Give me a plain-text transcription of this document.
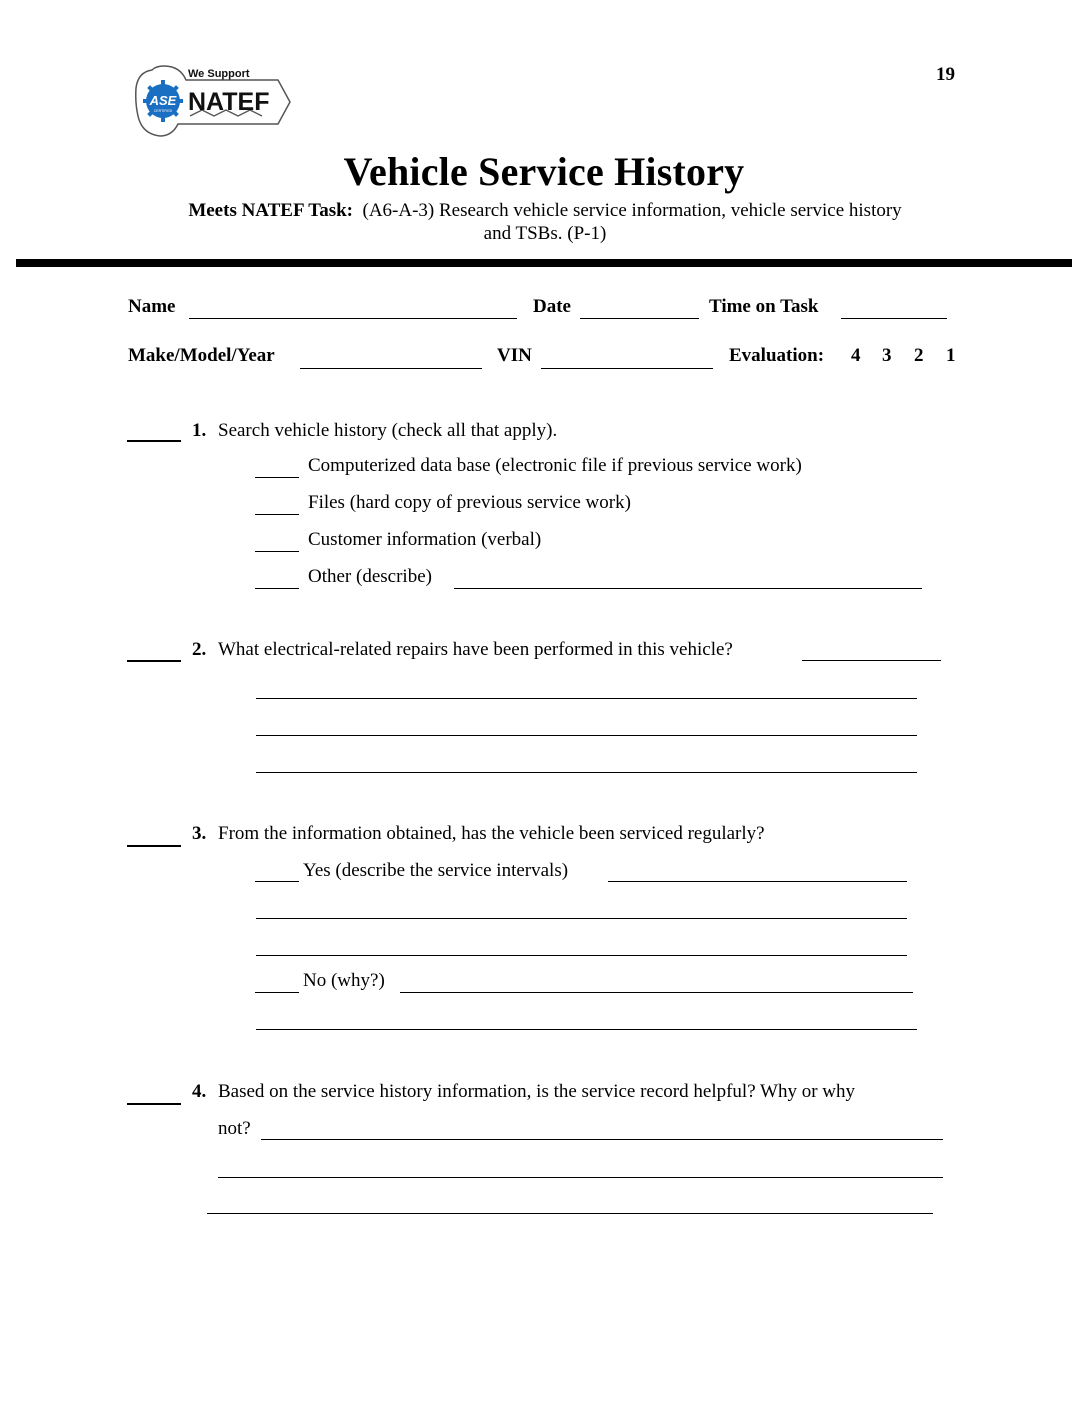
19
ASE
CERTIFIED
We Support
NATEF
Vehicle Service History
Meets NATEF Task: (A6-A-3) Research vehicle service information, vehicle service history
and TSBs. (P-1)
Name	Date	Time on Task
Make/Model/Year	VIN	Evaluation: 4 3 2 1
1. Search vehicle history (check all that apply).
Computerized data base (electronic file if previous service work)
Files (hard copy of previous service work)
Customer information (verbal)
Other (describe)
2. What electrical-related repairs have been performed in this vehicle?
3. From the information obtained, has the vehicle been serviced regularly?
Yes (describe the service intervals)
No (why?)
4. Based on the service history information, is the service record helpful? Why or why
not?
